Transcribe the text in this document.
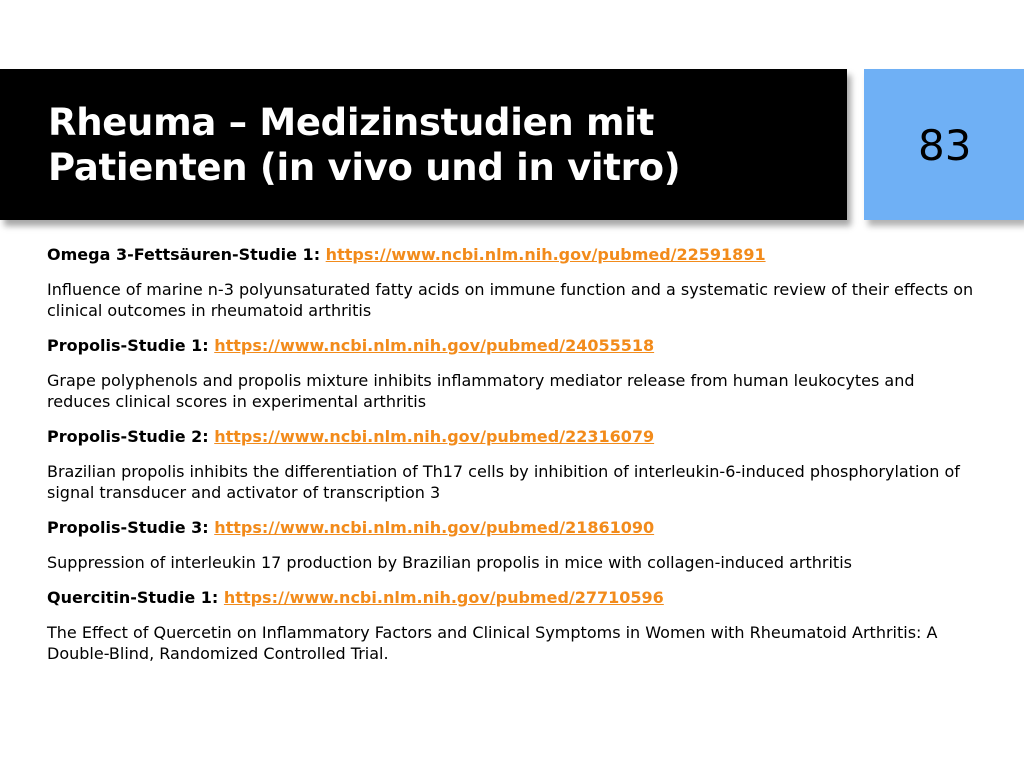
Rheuma – Medizinstudien mit
Patienten (in vivo und in vitro)	83

Omega 3-Fettsäuren-Studie 1: https://www.ncbi.nlm.nih.gov/pubmed/22591891

Influence of marine n-3 polyunsaturated fatty acids on immune function and a systematic review of their effects on clinical outcomes in rheumatoid arthritis

Propolis-Studie 1: https://www.ncbi.nlm.nih.gov/pubmed/24055518

Grape polyphenols and propolis mixture inhibits inflammatory mediator release from human leukocytes and reduces clinical scores in experimental arthritis

Propolis-Studie 2: https://www.ncbi.nlm.nih.gov/pubmed/22316079

Brazilian propolis inhibits the differentiation of Th17 cells by inhibition of interleukin-6-induced phosphorylation of signal transducer and activator of transcription 3

Propolis-Studie 3: https://www.ncbi.nlm.nih.gov/pubmed/21861090

Suppression of interleukin 17 production by Brazilian propolis in mice with collagen-induced arthritis

Quercitin-Studie 1: https://www.ncbi.nlm.nih.gov/pubmed/27710596

The Effect of Quercetin on Inflammatory Factors and Clinical Symptoms in Women with Rheumatoid Arthritis: A Double-Blind, Randomized Controlled Trial.
